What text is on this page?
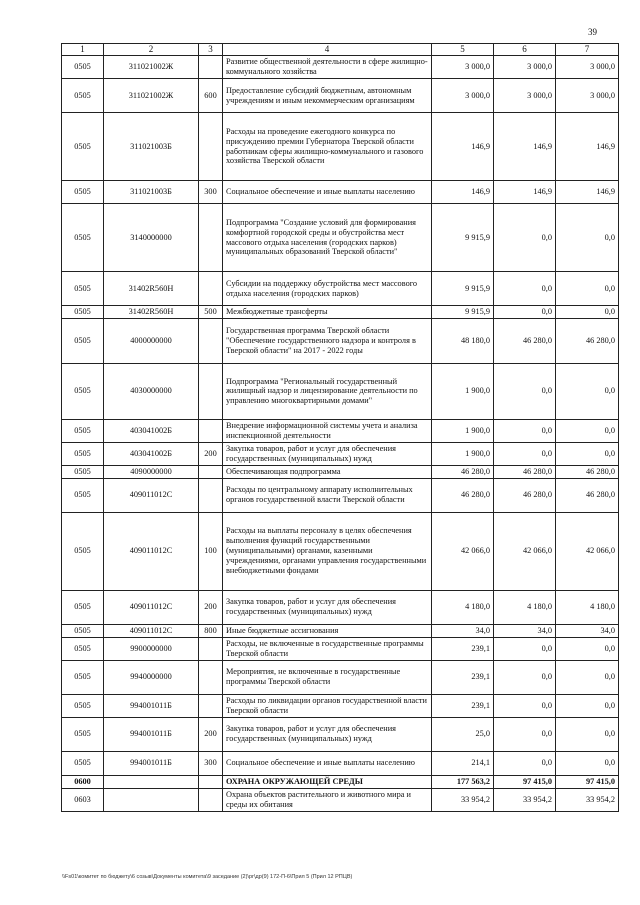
39
1	2	3	4	5	6	7
0505	311021002Ж		Развитие общественной деятельности в сфере жилищно-коммунального хозяйства	3 000,0	3 000,0	3 000,0
0505	311021002Ж	600	Предоставление субсидий бюджетным, автономным учреждениям и иным некоммерческим организациям	3 000,0	3 000,0	3 000,0
0505	311021003Б		Расходы на проведение ежегодного конкурса по присуждению премии Губернатора Тверской области работникам сферы жилищно-коммунального и газового хозяйства Тверской области	146,9	146,9	146,9
0505	311021003Б	300	Социальное обеспечение и иные выплаты населению	146,9	146,9	146,9
0505	3140000000		Подпрограмма "Создание условий для формирования комфортной городской среды и обустройства мест массового отдыха населения (городских парков) муниципальных образований Тверской области"	9 915,9	0,0	0,0
0505	31402R560H		Субсидии на поддержку обустройства мест массового отдыха населения (городских парков)	9 915,9	0,0	0,0
0505	31402R560H	500	Межбюджетные трансферты	9 915,9	0,0	0,0
0505	4000000000		Государственная программа Тверской области "Обеспечение государственного надзора и контроля в Тверской области" на 2017 - 2022 годы	48 180,0	46 280,0	46 280,0
0505	4030000000		Подпрограмма "Региональный государственный жилищный надзор и лицензирование деятельности по управлению многоквартирными домами"	1 900,0	0,0	0,0
0505	403041002Б		Внедрение информационной системы учета и анализа инспекционной деятельности	1 900,0	0,0	0,0
0505	403041002Б	200	Закупка товаров, работ и услуг для обеспечения государственных (муниципальных) нужд	1 900,0	0,0	0,0
0505	4090000000		Обеспечивающая подпрограмма	46 280,0	46 280,0	46 280,0
0505	409011012С		Расходы по центральному аппарату исполнительных органов государственной власти Тверской области	46 280,0	46 280,0	46 280,0
0505	409011012С	100	Расходы на выплаты персоналу в целях обеспечения выполнения функций государственными (муниципальными) органами, казенными учреждениями, органами управления государственными внебюджетными фондами	42 066,0	42 066,0	42 066,0
0505	409011012С	200	Закупка товаров, работ и услуг для обеспечения государственных (муниципальных) нужд	4 180,0	4 180,0	4 180,0
0505	409011012С	800	Иные бюджетные ассигнования	34,0	34,0	34,0
0505	9900000000		Расходы, не включенные в государственные программы Тверской области	239,1	0,0	0,0
0505	9940000000		Мероприятия, не включенные в государственные программы Тверской области	239,1	0,0	0,0
0505	994001011Б		Расходы по ликвидации органов государственной власти Тверской области	239,1	0,0	0,0
0505	994001011Б	200	Закупка товаров, работ и услуг для обеспечения государственных (муниципальных) нужд	25,0	0,0	0,0
0505	994001011Б	300	Социальное обеспечение и иные выплаты населению	214,1	0,0	0,0
0600			ОХРАНА ОКРУЖАЮЩЕЙ СРЕДЫ	177 563,2	97 415,0	97 415,0
0603			Охрана объектов растительного и животного мира и среды их обитания	33 954,2	33 954,2	33 954,2
\\Fs01\комитет по бюджету\6 созыв\Документы комитета\9 заседание (2)\рг\др(9) 172-П-6\Прил 5 (Прил 12 РПЦВ)
